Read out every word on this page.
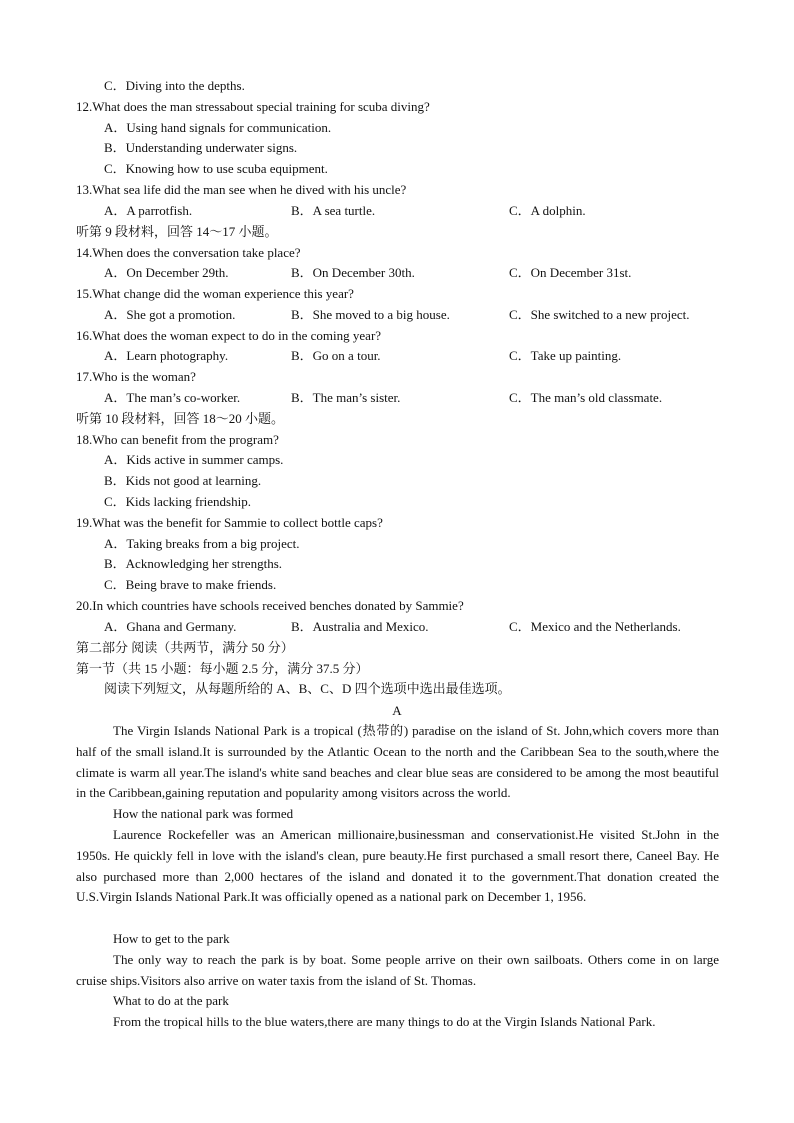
C．Diving into the depths.
12.What does the man stressabout special training for scuba diving?
A．Using hand signals for communication.
B．Understanding underwater signs.
C．Knowing how to use scuba equipment.
13.What sea life did the man see when he dived with his uncle?
A．A parrotfish.	B．A sea turtle.	C．A dolphin.
听第 9 段材料，回答 14～17 小题。
14.When does the conversation take place?
A．On December 29th.	B．On December 30th.	C．On December 31st.
15.What change did the woman experience this year?
A．She got a promotion.	B．She moved to a big house.	C．She switched to a new project.
16.What does the woman expect to do in the coming year?
A．Learn photography.	B．Go on a tour.	C．Take up painting.
17.Who is the woman?
A．The man’s co-worker.	B．The man’s sister.	C．The man’s old classmate.
听第 10 段材料，回答 18～20 小题。
18.Who can benefit from the program?
A．Kids active in summer camps.
B．Kids not good at learning.
C．Kids lacking friendship.
19.What was the benefit for Sammie to collect bottle caps?
A．Taking breaks from a big project.
B．Acknowledging her strengths.
C．Being brave to make friends.
20.In which countries have schools received benches donated by Sammie?
A．Ghana and Germany.	B．Australia and Mexico.	C．Mexico and the Netherlands.
第二部分 阅读（共两节，满分 50 分）
第一节（共 15 小题：每小题 2.5 分，满分 37.5 分）
阅读下列短文，从每题所给的 A、B、C、D 四个选项中选出最佳选项。
A
The Virgin Islands National Park is a tropical (热带的) paradise on the island of St. John,which covers more than half of the small island.It is surrounded by the Atlantic Ocean to the north and the Caribbean Sea to the south,where the climate is warm all year.The island's white sand beaches and clear blue seas are considered to be among the most beautiful in the Caribbean,gaining reputation and popularity among visitors across the world.
How the national park was formed
Laurence Rockefeller was an American millionaire,businessman and conservationist.He visited St.John in the 1950s. He quickly fell in love with the island's clean, pure beauty.He first purchased a small resort there, Caneel Bay. He also purchased more than 2,000 hectares of the island and donated it to the government.That donation created the U.S.Virgin Islands National Park.It was officially opened as a national park on December 1, 1956.
How to get to the park
The only way to reach the park is by boat. Some people arrive on their own sailboats. Others come in on large cruise ships.Visitors also arrive on water taxis from the island of St. Thomas.
What to do at the park
From the tropical hills to the blue waters,there are many things to do at the Virgin Islands National Park.
